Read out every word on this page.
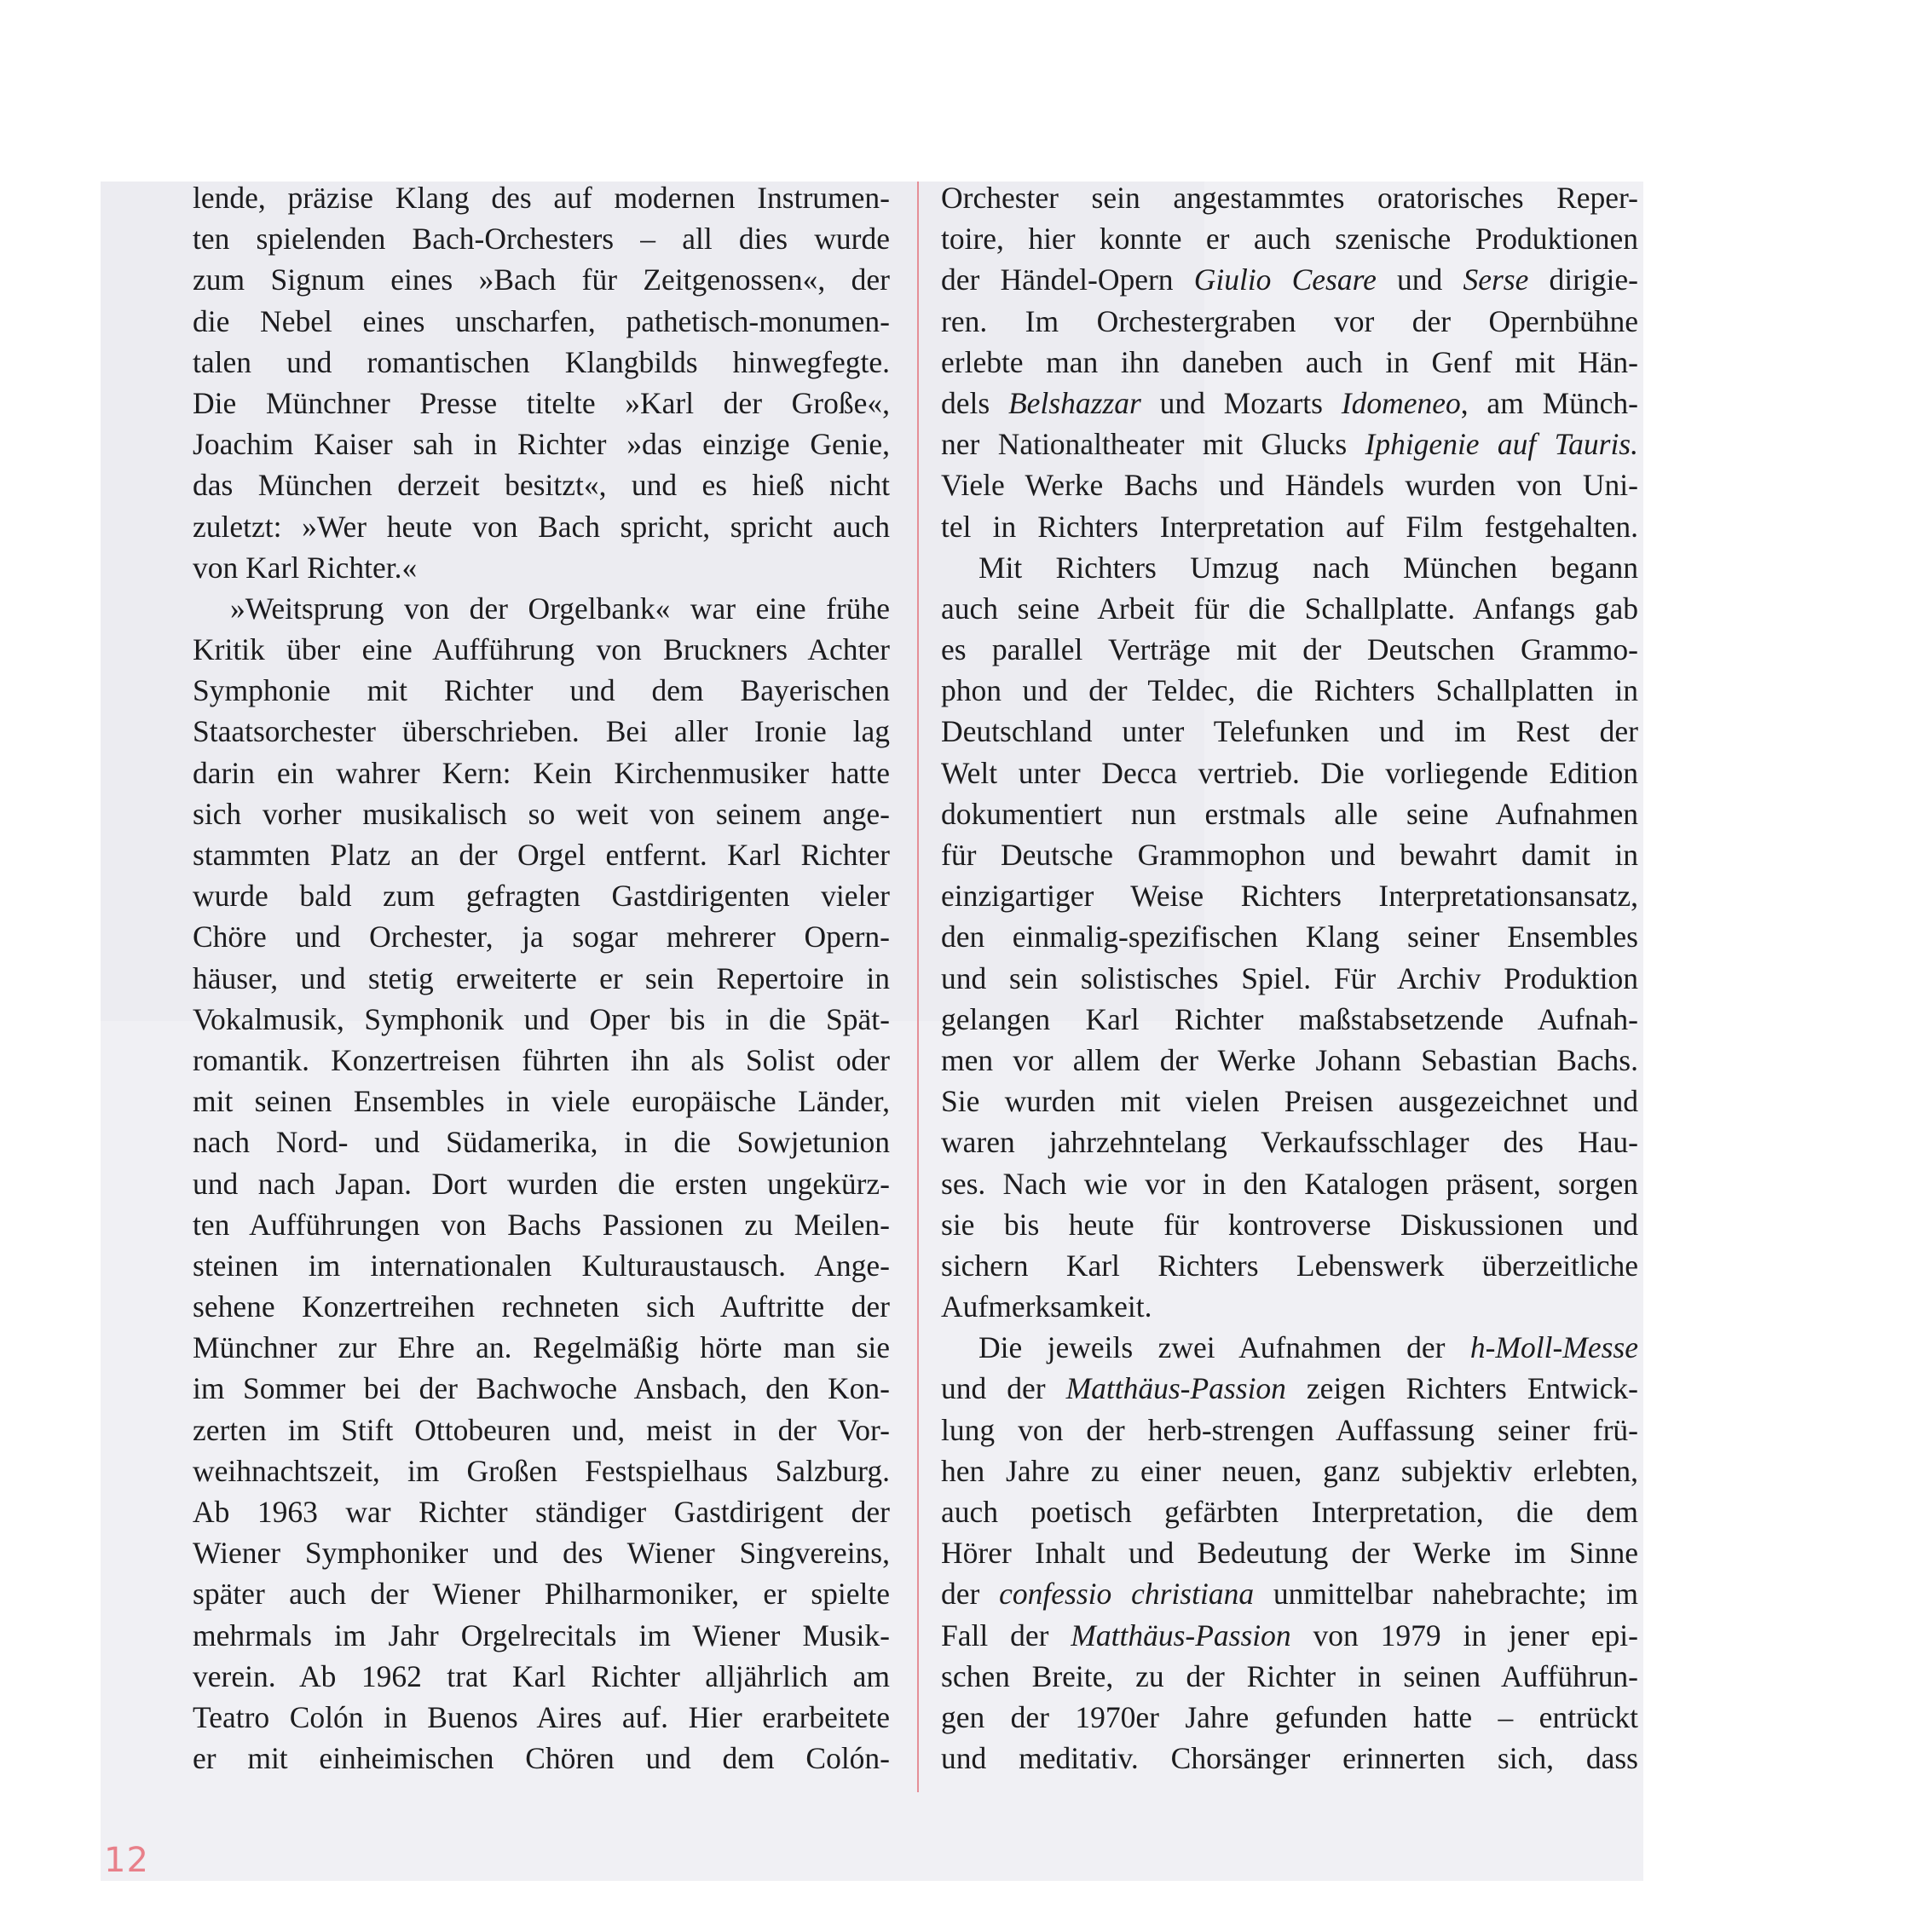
lende, präzise Klang des auf modernen Instrumen-
ten spielenden Bach-Orchesters – all dies wurde
zum Signum eines »Bach für Zeitgenossen«, der
die Nebel eines unscharfen, pathetisch-monumen-
talen und romantischen Klangbilds hinwegfegte.
Die Münchner Presse titelte »Karl der Große«,
Joachim Kaiser sah in Richter »das einzige Genie,
das München derzeit besitzt«, und es hieß nicht
zuletzt: »Wer heute von Bach spricht, spricht auch
von Karl Richter.«
»Weitsprung von der Orgelbank« war eine frühe
Kritik über eine Aufführung von Bruckners Achter
Symphonie mit Richter und dem Bayerischen
Staatsorchester überschrieben. Bei aller Ironie lag
darin ein wahrer Kern: Kein Kirchenmusiker hatte
sich vorher musikalisch so weit von seinem ange-
stammten Platz an der Orgel entfernt. Karl Richter
wurde bald zum gefragten Gastdirigenten vieler
Chöre und Orchester, ja sogar mehrerer Opern-
häuser, und stetig erweiterte er sein Repertoire in
Vokalmusik, Symphonik und Oper bis in die Spät-
romantik. Konzertreisen führten ihn als Solist oder
mit seinen Ensembles in viele europäische Länder,
nach Nord- und Südamerika, in die Sowjetunion
und nach Japan. Dort wurden die ersten ungekürz-
ten Aufführungen von Bachs Passionen zu Meilen-
steinen im internationalen Kulturaustausch. Ange-
sehene Konzertreihen rechneten sich Auftritte der
Münchner zur Ehre an. Regelmäßig hörte man sie
im Sommer bei der Bachwoche Ansbach, den Kon-
zerten im Stift Ottobeuren und, meist in der Vor-
weihnachtszeit, im Großen Festspielhaus Salzburg.
Ab 1963 war Richter ständiger Gastdirigent der
Wiener Symphoniker und des Wiener Singvereins,
später auch der Wiener Philharmoniker, er spielte
mehrmals im Jahr Orgelrecitals im Wiener Musik-
verein. Ab 1962 trat Karl Richter alljährlich am
Teatro Colón in Buenos Aires auf. Hier erarbeitete
er mit einheimischen Chören und dem Colón-
Orchester sein angestammtes oratorisches Reper-
toire, hier konnte er auch szenische Produktionen
der Händel-Opern Giulio Cesare und Serse dirigie-
ren. Im Orchestergraben vor der Opernbühne
erlebte man ihn daneben auch in Genf mit Hän-
dels Belshazzar und Mozarts Idomeneo, am Münch-
ner Nationaltheater mit Glucks Iphigenie auf Tauris.
Viele Werke Bachs und Händels wurden von Uni-
tel in Richters Interpretation auf Film festgehalten.
Mit Richters Umzug nach München begann
auch seine Arbeit für die Schallplatte. Anfangs gab
es parallel Verträge mit der Deutschen Grammo-
phon und der Teldec, die Richters Schallplatten in
Deutschland unter Telefunken und im Rest der
Welt unter Decca vertrieb. Die vorliegende Edition
dokumentiert nun erstmals alle seine Aufnahmen
für Deutsche Grammophon und bewahrt damit in
einzigartiger Weise Richters Interpretationsansatz,
den einmalig-spezifischen Klang seiner Ensembles
und sein solistisches Spiel. Für Archiv Produktion
gelangen Karl Richter maßstabsetzende Aufnah-
men vor allem der Werke Johann Sebastian Bachs.
Sie wurden mit vielen Preisen ausgezeichnet und
waren jahrzehntelang Verkaufsschlager des Hau-
ses. Nach wie vor in den Katalogen präsent, sorgen
sie bis heute für kontroverse Diskussionen und
sichern Karl Richters Lebenswerk überzeitliche
Aufmerksamkeit.
Die jeweils zwei Aufnahmen der h-Moll-Messe
und der Matthäus-Passion zeigen Richters Entwick-
lung von der herb-strengen Auffassung seiner frü-
hen Jahre zu einer neuen, ganz subjektiv erlebten,
auch poetisch gefärbten Interpretation, die dem
Hörer Inhalt und Bedeutung der Werke im Sinne
der confessio christiana unmittelbar nahebrachte; im
Fall der Matthäus-Passion von 1979 in jener epi-
schen Breite, zu der Richter in seinen Aufführun-
gen der 1970er Jahre gefunden hatte – entrückt
und meditativ. Chorsänger erinnerten sich, dass
12
